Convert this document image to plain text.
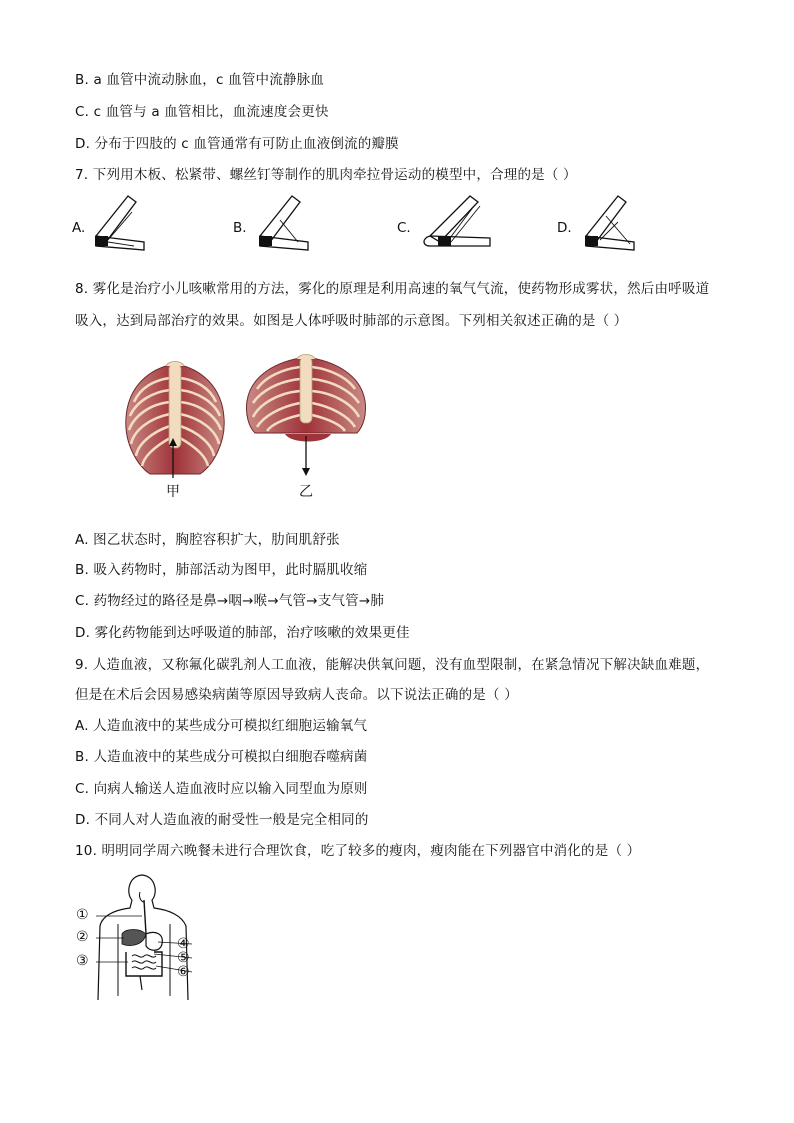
B. a 血管中流动脉血，c 血管中流静脉血
C. c 血管与 a 血管相比，血流速度会更快
D. 分布于四肢的 c 血管通常有可防止血液倒流的瓣膜
7. 下列用木板、松紧带、螺丝钉等制作的肌肉牵拉骨运动的模型中，合理的是（ ）
A.	B.	C.	D.
8. 雾化是治疗小儿咳嗽常用的方法，雾化的原理是利用高速的氧气气流，使药物形成雾状，然后由呼吸道
吸入，达到局部治疗的效果。如图是人体呼吸时肺部的示意图。下列相关叙述正确的是（ ）
甲	乙
A. 图乙状态时，胸腔容积扩大，肋间肌舒张
B. 吸入药物时，肺部活动为图甲，此时膈肌收缩
C. 药物经过的路径是鼻→咽→喉→气管→支气管→肺
D. 雾化药物能到达呼吸道的肺部，治疗咳嗽的效果更佳
9. 人造血液，又称氟化碳乳剂人工血液，能解决供氧问题，没有血型限制，在紧急情况下解决缺血难题，
但是在术后会因易感染病菌等原因导致病人丧命。以下说法正确的是（ ）
A. 人造血液中的某些成分可模拟红细胞运输氧气
B. 人造血液中的某些成分可模拟白细胞吞噬病菌
C. 向病人输送人造血液时应以输入同型血为原则
D. 不同人对人造血液的耐受性一般是完全相同的
10. 明明同学周六晚餐未进行合理饮食，吃了较多的瘦肉，瘦肉能在下列器官中消化的是（ ）
①
②
③
④
⑤
⑥
